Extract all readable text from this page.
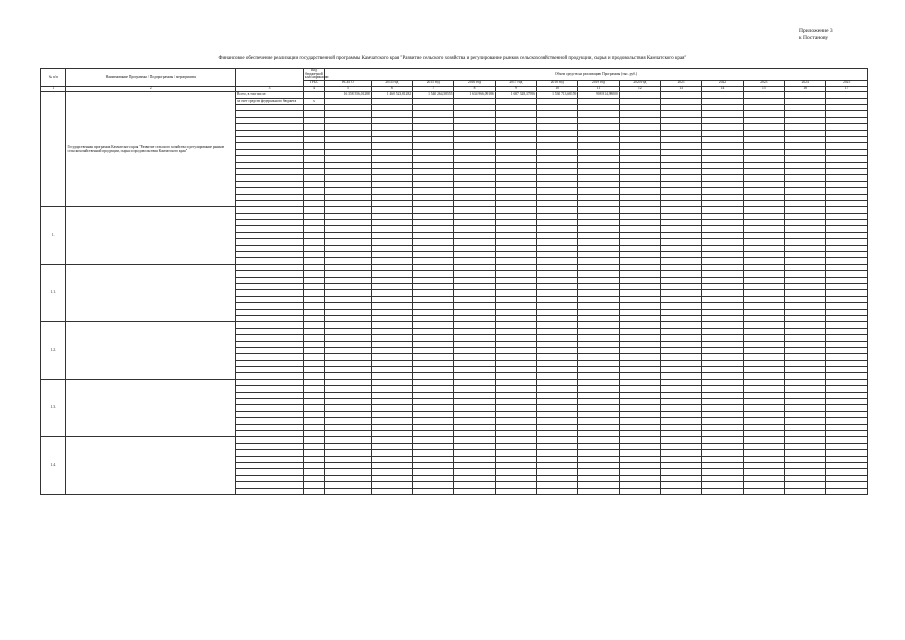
Приложение 3
к Постанову
Финансовое обеспечение реализации государственной программы Камчатского края "Развитие сельского хозяйства и регулирование рынков сельскохозяйственной продукции, сырья и продовольствия Камчатского края"
№ п/п	Наименование Программы / Подпрограммы / мероприятия		Код бюджетной классификации	Объем средств на реализацию Программы (тыс. руб.)												
			ГРБС	ВСЕГО	2014 год	2015 год	2016 год	2017 год	2018 год	2019 год	2020 год	2021	2022	2023	2024	2025
1	2	3	4	5	6	7	8	9	10	11	12	13	14	15	16	17
	Государственная программа Камчатского края "Развитие сельского хозяйства и регулирование рынков сельскохозяйственной продукции, сырья и продовольствия Камчатского края"	Всего, в том числе:		16 358 556,01288	1 460 523,81282	1 540 264,58555	1 634 966,09186	1 687 328,37956	1 530 713,68159	908 814,98000						
		за счет средств федерального бюджета	х													

1.																

1.1.																

1.2.																

1.3.																

1.4.																
